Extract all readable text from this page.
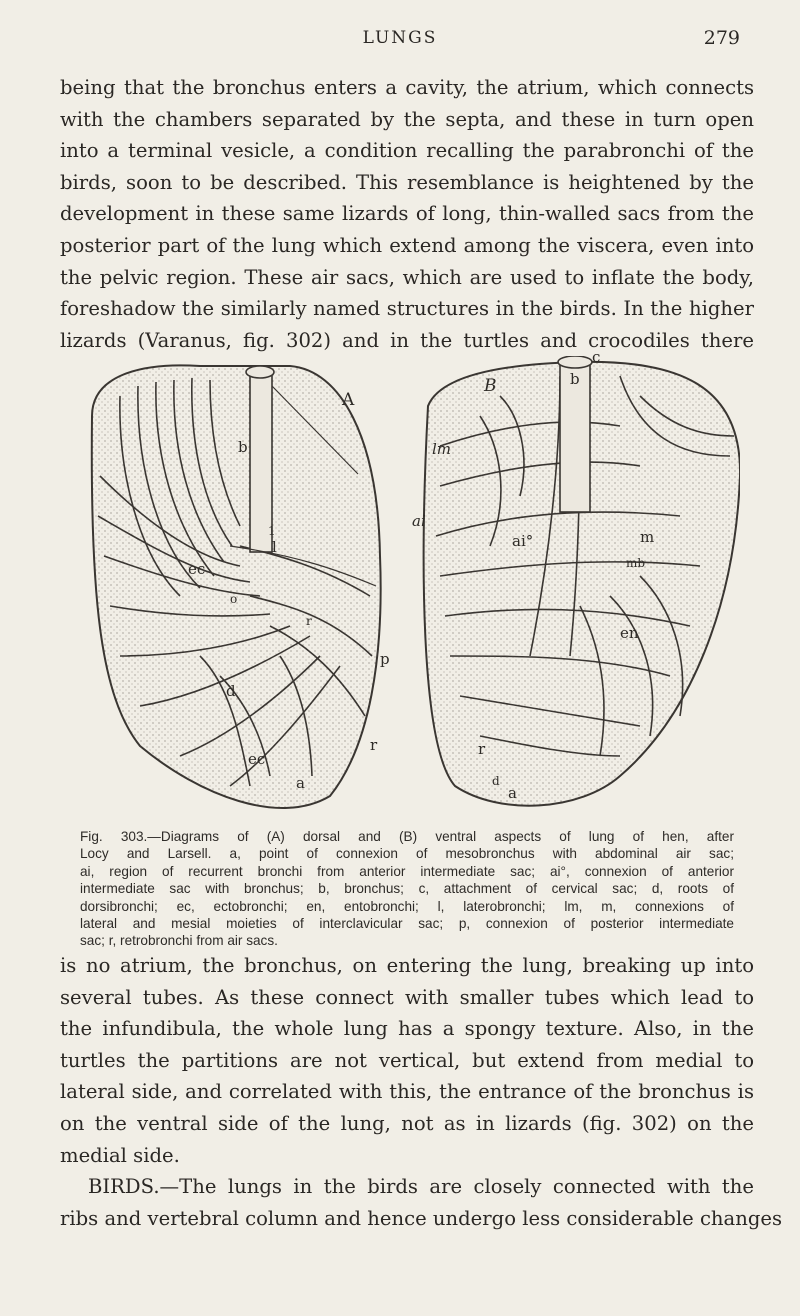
LUNGS	279
being that the bronchus enters a cavity, the atrium, which connects
with the chambers separated by the septa, and these in turn open
into a terminal vesicle, a condition recalling the parabronchi of the
birds, soon to be described. This resemblance is heightened by the
development in these same lizards of long, thin-walled sacs from the
posterior part of the lung which extend among the viscera, even into
the pelvic region. These air sacs, which are used to inflate the body,
foreshadow the similarly named structures in the birds. In the higher
lizards (Varanus, fig. 302) and in the turtles and crocodiles there
A
b
1
l
ec
o
r
p
d
r
ec
a
c
B	b
lm
ai
ai°	m
mb
en
r
d
a
Fig. 303.—Diagrams of (A) dorsal and (B) ventral aspects of lung of hen, after
Locy and Larsell. a, point of connexion of mesobronchus with abdominal air sac;
ai, region of recurrent bronchi from anterior intermediate sac; ai°, connexion of anterior
intermediate sac with bronchus; b, bronchus; c, attachment of cervical sac; d, roots of
dorsibronchi; ec, ectobronchi; en, entobronchi; l, laterobronchi; lm, m, connexions of
lateral and mesial moieties of interclavicular sac; p, connexion of posterior intermediate
sac; r, retrobronchi from air sacs.
is no atrium, the bronchus, on entering the lung, breaking up into
several tubes. As these connect with smaller tubes which lead to
the infundibula, the whole lung has a spongy texture. Also, in the
turtles the partitions are not vertical, but extend from medial to
lateral side, and correlated with this, the entrance of the bronchus is
on the ventral side of the lung, not as in lizards (fig. 302) on the
medial side.
BIRDS.—The lungs in the birds are closely connected with the
ribs and vertebral column and hence undergo less considerable changes
